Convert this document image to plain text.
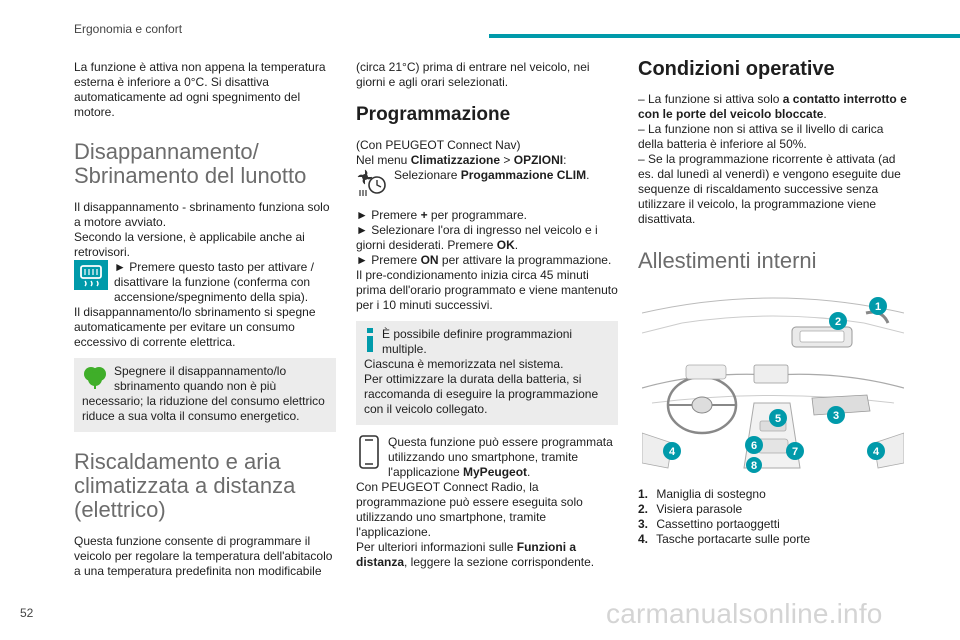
Ergonomia e confort

La funzione è attiva non appena la temperatura esterna è inferiore a 0°C. Si disattiva automaticamente ad ogni spegnimento del motore.

Disappannamento/ Sbrinamento del lunotto

Il disappannamento - sbrinamento funziona solo a motore avviato.

Secondo la versione, è applicabile anche ai retrovisori.

► Premere questo tasto per attivare / disattivare la funzione (conferma con accensione/spegnimento della spia).

Il disappannamento/lo sbrinamento si spegne automaticamente per evitare un consumo eccessivo di corrente elettrica.

Spegnere il disappannamento/lo sbrinamento quando non è più necessario; la riduzione del consumo elettrico riduce a sua volta il consumo energetico.

Riscaldamento e aria climatizzata a distanza (elettrico)

Questa funzione consente di programmare il veicolo per regolare la temperatura dell'abitacolo a una temperatura predefinita non modificabile

(circa 21°C) prima di entrare nel veicolo, nei giorni e agli orari selezionati.

Programmazione

(Con PEUGEOT Connect Nav)

Nel menu Climatizzazione > OPZIONI:

Selezionare Progammazione CLIM.

► Premere + per programmare.

► Selezionare l'ora di ingresso nel veicolo e i giorni desiderati. Premere OK.

► Premere ON per attivare la programmazione.

Il pre-condizionamento inizia circa 45 minuti prima dell'orario programmato e viene mantenuto per i 10 minuti successivi.

È possibile definire programmazioni multiple.

Ciascuna è memorizzata nel sistema.

Per ottimizzare la durata della batteria, si raccomanda di eseguire la programmazione con il veicolo collegato.

Questa funzione può essere programmata utilizzando uno smartphone, tramite l'applicazione MyPeugeot.

Con PEUGEOT Connect Radio, la programmazione può essere eseguita solo utilizzando uno smartphone, tramite l'applicazione.

Per ulteriori informazioni sulle Funzioni a distanza, leggere la sezione corrispondente.

Condizioni operative

– La funzione si attiva solo a contatto interrotto e con le porte del veicolo bloccate.

– La funzione non si attiva se il livello di carica della batteria è inferiore al 50%.

– Se la programmazione ricorrente è attivata (ad es. dal lunedì al venerdì) e vengono eseguite due sequenze di riscaldamento successive senza utilizzare il veicolo, la programmazione viene disattivata.

Allestimenti interni
1
2
3
4	4
5
6	7
8
1. Maniglia di sostegno
2. Visiera parasole
3. Cassettino portaoggetti
4. Tasche portacarte sulle porte
52	carmanualsonline.info
